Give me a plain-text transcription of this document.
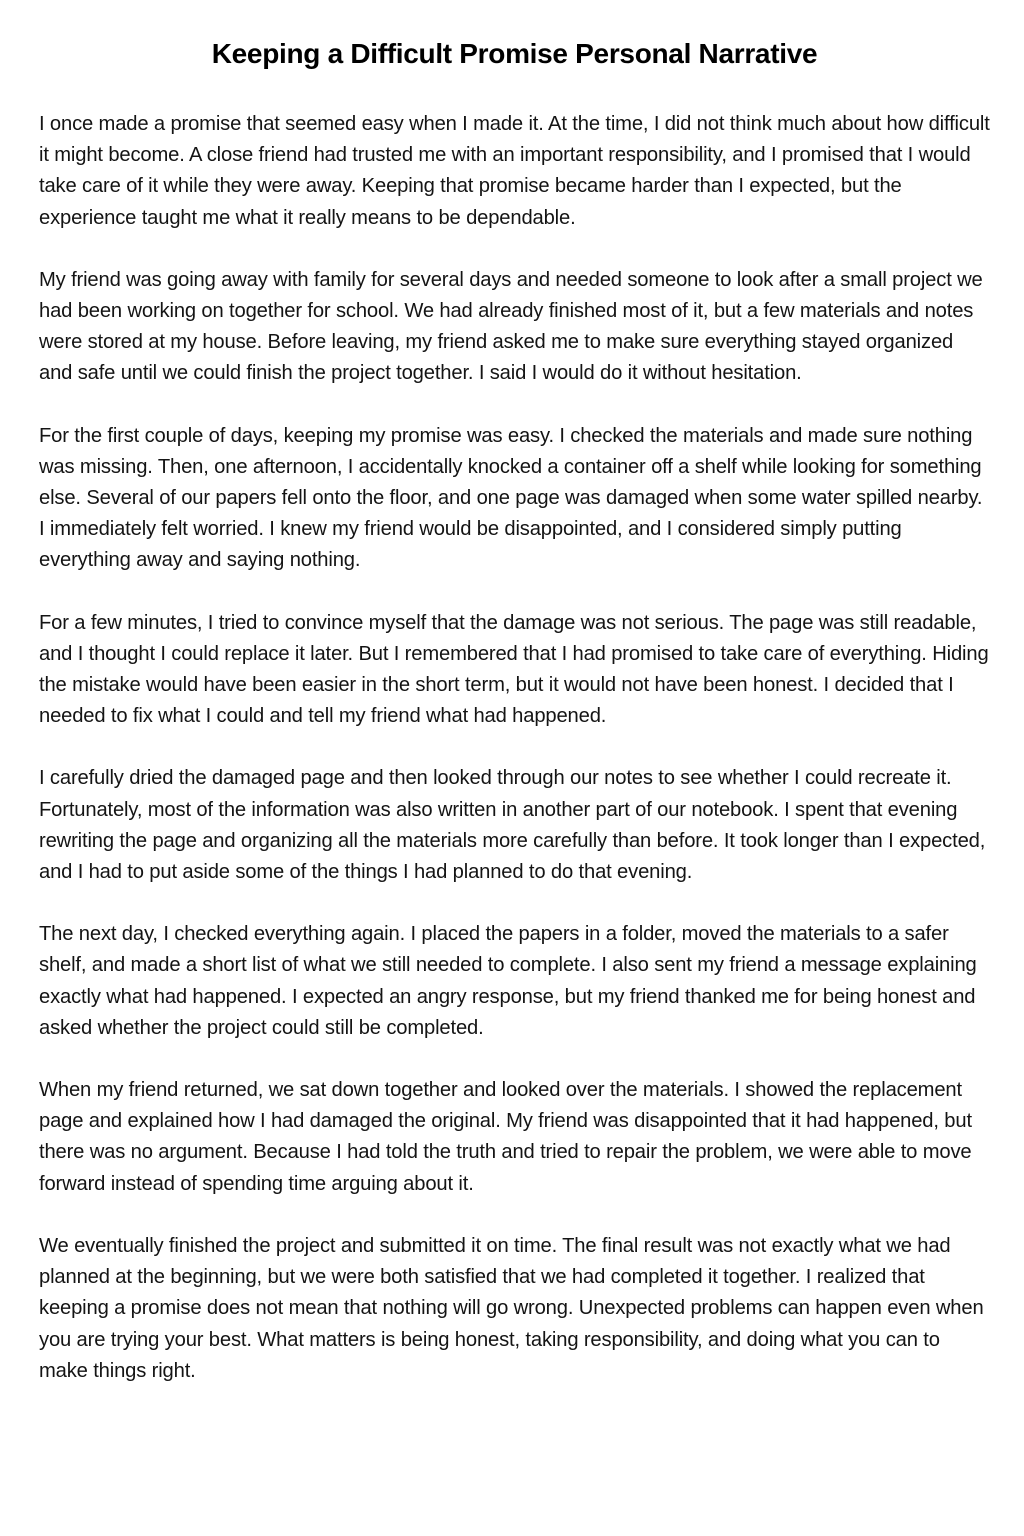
Keeping a Difficult Promise Personal Narrative

I once made a promise that seemed easy when I made it. At the time, I did not think much about how difficult it might become. A close friend had trusted me with an important responsibility, and I promised that I would take care of it while they were away. Keeping that promise became harder than I expected, but the experience taught me what it really means to be dependable.

My friend was going away with family for several days and needed someone to look after a small project we had been working on together for school. We had already finished most of it, but a few materials and notes were stored at my house. Before leaving, my friend asked me to make sure everything stayed organized and safe until we could finish the project together. I said I would do it without hesitation.

For the first couple of days, keeping my promise was easy. I checked the materials and made sure nothing was missing. Then, one afternoon, I accidentally knocked a container off a shelf while looking for something else. Several of our papers fell onto the floor, and one page was damaged when some water spilled nearby. I immediately felt worried. I knew my friend would be disappointed, and I considered simply putting everything away and saying nothing.

For a few minutes, I tried to convince myself that the damage was not serious. The page was still readable, and I thought I could replace it later. But I remembered that I had promised to take care of everything. Hiding the mistake would have been easier in the short term, but it would not have been honest. I decided that I needed to fix what I could and tell my friend what had happened.

I carefully dried the damaged page and then looked through our notes to see whether I could recreate it. Fortunately, most of the information was also written in another part of our notebook. I spent that evening rewriting the page and organizing all the materials more carefully than before. It took longer than I expected, and I had to put aside some of the things I had planned to do that evening.

The next day, I checked everything again. I placed the papers in a folder, moved the materials to a safer shelf, and made a short list of what we still needed to complete. I also sent my friend a message explaining exactly what had happened. I expected an angry response, but my friend thanked me for being honest and asked whether the project could still be completed.

When my friend returned, we sat down together and looked over the materials. I showed the replacement page and explained how I had damaged the original. My friend was disappointed that it had happened, but there was no argument. Because I had told the truth and tried to repair the problem, we were able to move forward instead of spending time arguing about it.

We eventually finished the project and submitted it on time. The final result was not exactly what we had planned at the beginning, but we were both satisfied that we had completed it together. I realized that keeping a promise does not mean that nothing will go wrong. Unexpected problems can happen even when you are trying your best. What matters is being honest, taking responsibility, and doing what you can to make things right.
